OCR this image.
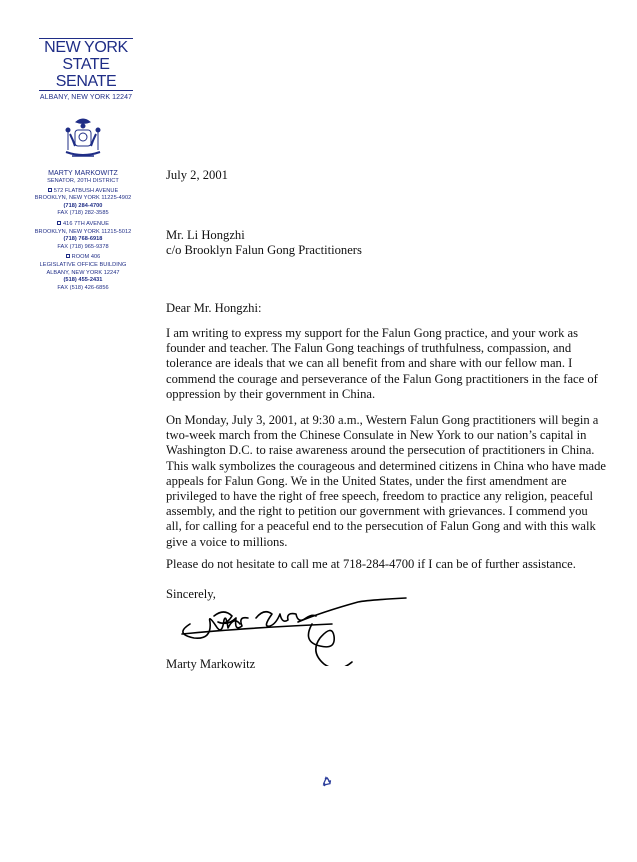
NEW YORK
STATE
SENATE
ALBANY, NEW YORK 12247
MARTY MARKOWITZ
SENATOR, 20TH DISTRICT
572 FLATBUSH AVENUE
BROOKLYN, NEW YORK 11225-4902
(718) 284-4700
FAX (718) 282-3585
416 7TH AVENUE
BROOKLYN, NEW YORK 11215-5012
(718) 768-6918
FAX (718) 965-9378
ROOM 406
LEGISLATIVE OFFICE BUILDING
ALBANY, NEW YORK 12247
(518) 455-2431
FAX (518) 426-6856
July 2, 2001
Mr. Li Hongzhi
c/o Brooklyn Falun Gong Practitioners
Dear Mr. Hongzhi:

I am writing to express my support for the Falun Gong practice, and your work as founder and teacher. The Falun Gong teachings of truthfulness, compassion, and tolerance are ideals that we can all benefit from and share with our fellow man. I commend the courage and perseverance of the Falun Gong practitioners in the face of oppression by their government in China.

On Monday, July 3, 2001, at 9:30 a.m., Western Falun Gong practitioners will begin a two-week march from the Chinese Consulate in New York to our nation’s capital in Washington D.C. to raise awareness around the persecution of practitioners in China. This walk symbolizes the courageous and determined citizens in China who have made appeals for Falun Gong. We in the United States, under the first amendment are privileged to have the right of free speech, freedom to practice any religion, peaceful assembly, and the right to petition our government with grievances. I commend you all, for calling for a peaceful end to the persecution of Falun Gong and with this walk give a voice to millions.

Please do not hesitate to call me at 718-284-4700 if I can be of further assistance.

Sincerely,
Marty Markowitz
